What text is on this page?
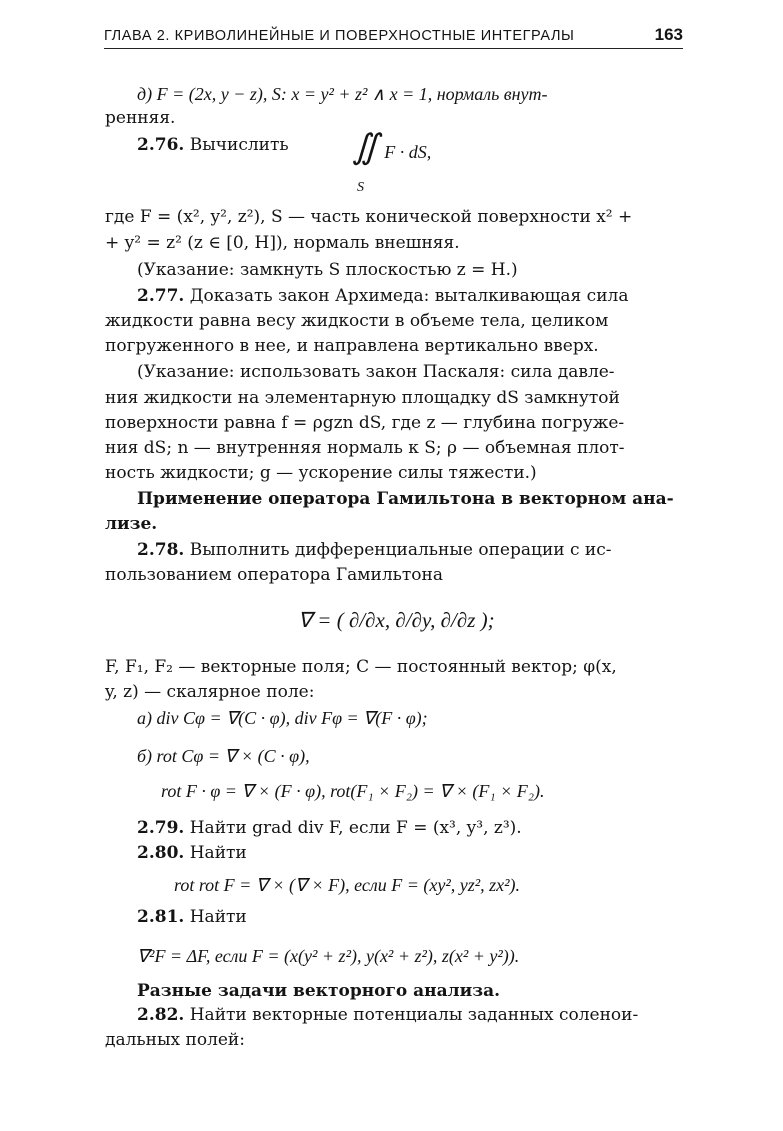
ГЛАВА 2. КРИВОЛИНЕЙНЫЕ И ПОВЕРХНОСТНЫЕ ИНТЕГРАЛЫ	163
д) F = (2x, y − z), S: x = y² + z² ∧ x = 1, нормаль внут-
ренняя.
2.76. Вычислить ∬ F · dS,
S
где F = (x², y², z²), S — часть конической поверхности x² +
+ y² = z² (z ∈ [0, H]), нормаль внешняя.
(Указание: замкнуть S плоскостью z = H.)
2.77. Доказать закон Архимеда: выталкивающая сила
жидкости равна весу жидкости в объеме тела, целиком
погруженного в нее, и направлена вертикально вверх.
(Указание: использовать закон Паскаля: сила давле-
ния жидкости на элементарную площадку dS замкнутой
поверхности равна f = ρgzn dS, где z — глубина погруже-
ния dS; n — внутренняя нормаль к S; ρ — объемная плот-
ность жидкости; g — ускорение силы тяжести.)
Применение оператора Гамильтона в векторном ана-
лизе.
2.78. Выполнить дифференциальные операции с ис-
пользованием оператора Гамильтона
∇ = ( ∂/∂x, ∂/∂y, ∂/∂z );
F, F₁, F₂ — векторные поля; C — постоянный вектор; φ(x,
y, z) — скалярное поле:
а) div Cφ = ∇(C · φ), div Fφ = ∇(F · φ);
б) rot Cφ = ∇ × (C · φ),
rot F · φ = ∇ × (F · φ), rot(F₁ × F₂) = ∇ × (F₁ × F₂).
2.79. Найти grad div F, если F = (x³, y³, z³).
2.80. Найти
rot rot F = ∇ × (∇ × F), если F = (xy², yz², zx²).
2.81. Найти
∇²F = ΔF, если F = (x(y² + z²), y(x² + z²), z(x² + y²)).
Разные задачи векторного анализа.
2.82. Найти векторные потенциалы заданных соленои-
дальных полей:
